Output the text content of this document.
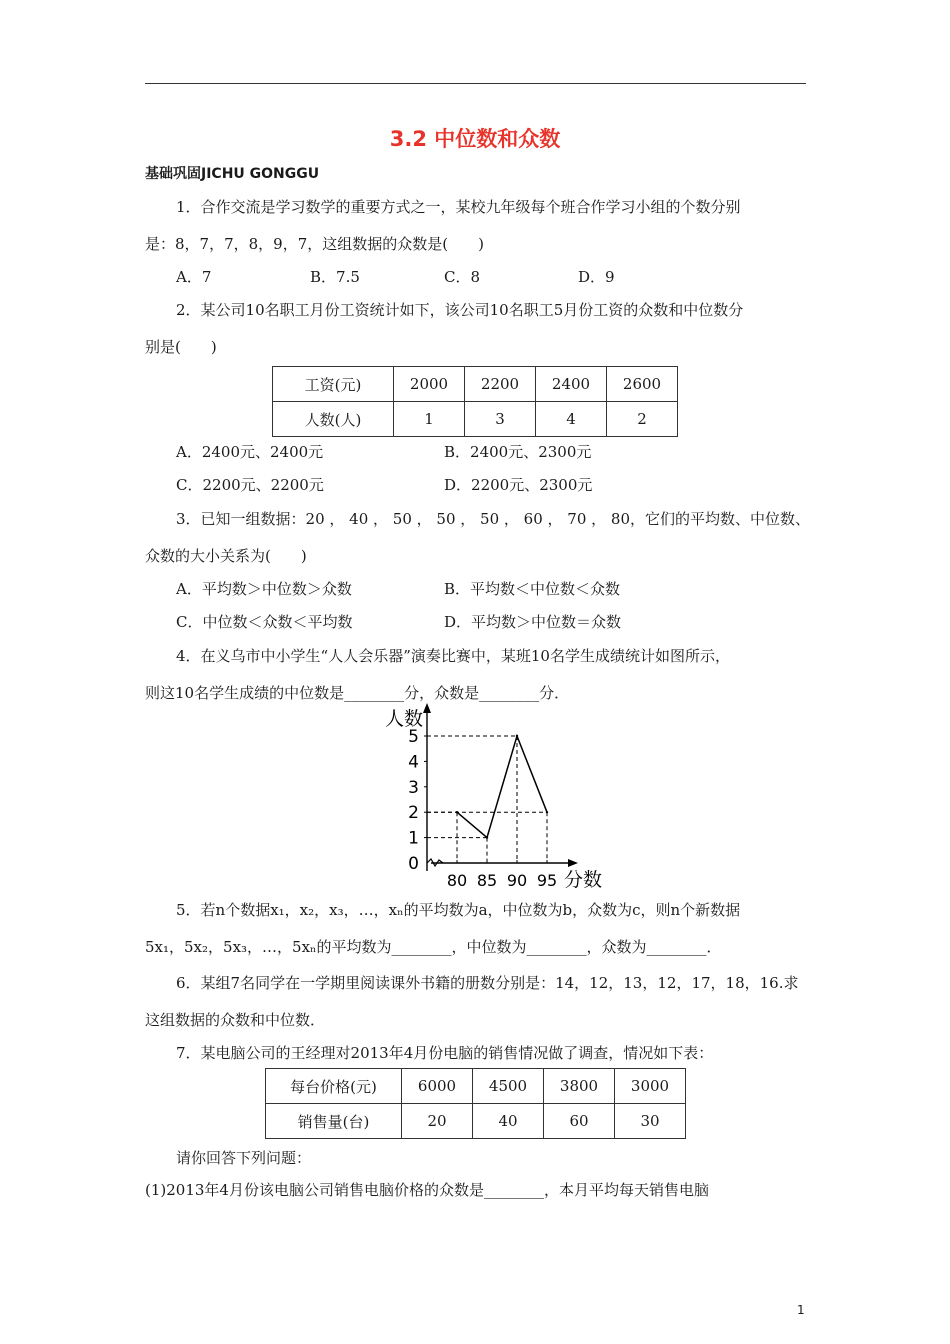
3.2 中位数和众数
基础巩固JICHU GONGGU
1．合作交流是学习数学的重要方式之一，某校九年级每个班合作学习小组的个数分别
是：8，7，7，8，9，7，这组数据的众数是(　　)
A．7	B．7.5	C．8	D．9
2．某公司10名职工月份工资统计如下，该公司10名职工5月份工资的众数和中位数分
别是(　　)
工资(元)	2000	2200	2400	2600
人数(人)	1	3	4	2
A．2400元、2400元	B．2400元、2300元
C．2200元、2200元	D．2200元、2300元
3．已知一组数据：20 ， 40 ， 50 ， 50 ， 50 ， 60 ， 70 ， 80，它们的平均数、中位数、
众数的大小关系为(　　)
A．平均数＞中位数＞众数	B．平均数＜中位数＜众数
C．中位数＜众数＜平均数	D．平均数＞中位数＝众数
4．在义乌市中小学生“人人会乐器”演奏比赛中，某班10名学生成绩统计如图所示，
则这10名学生成绩的中位数是________分，众数是________分．
0
1
2
3
4
5
80 85 90 95
人数
分数
5．若n个数据x₁，x₂，x₃，…，xₙ的平均数为a，中位数为b，众数为c，则n个新数据
5x₁，5x₂，5x₃，…，5xₙ的平均数为________，中位数为________，众数为________．
6．某组7名同学在一学期里阅读课外书籍的册数分别是：14，12，13，12，17，18，16.求
这组数据的众数和中位数．
7．某电脑公司的王经理对2013年4月份电脑的销售情况做了调查，情况如下表：
每台价格(元)	6000	4500	3800	3000
销售量(台)	20	40	60	30
请你回答下列问题：
(1)2013年4月份该电脑公司销售电脑价格的众数是________，本月平均每天销售电脑
1
